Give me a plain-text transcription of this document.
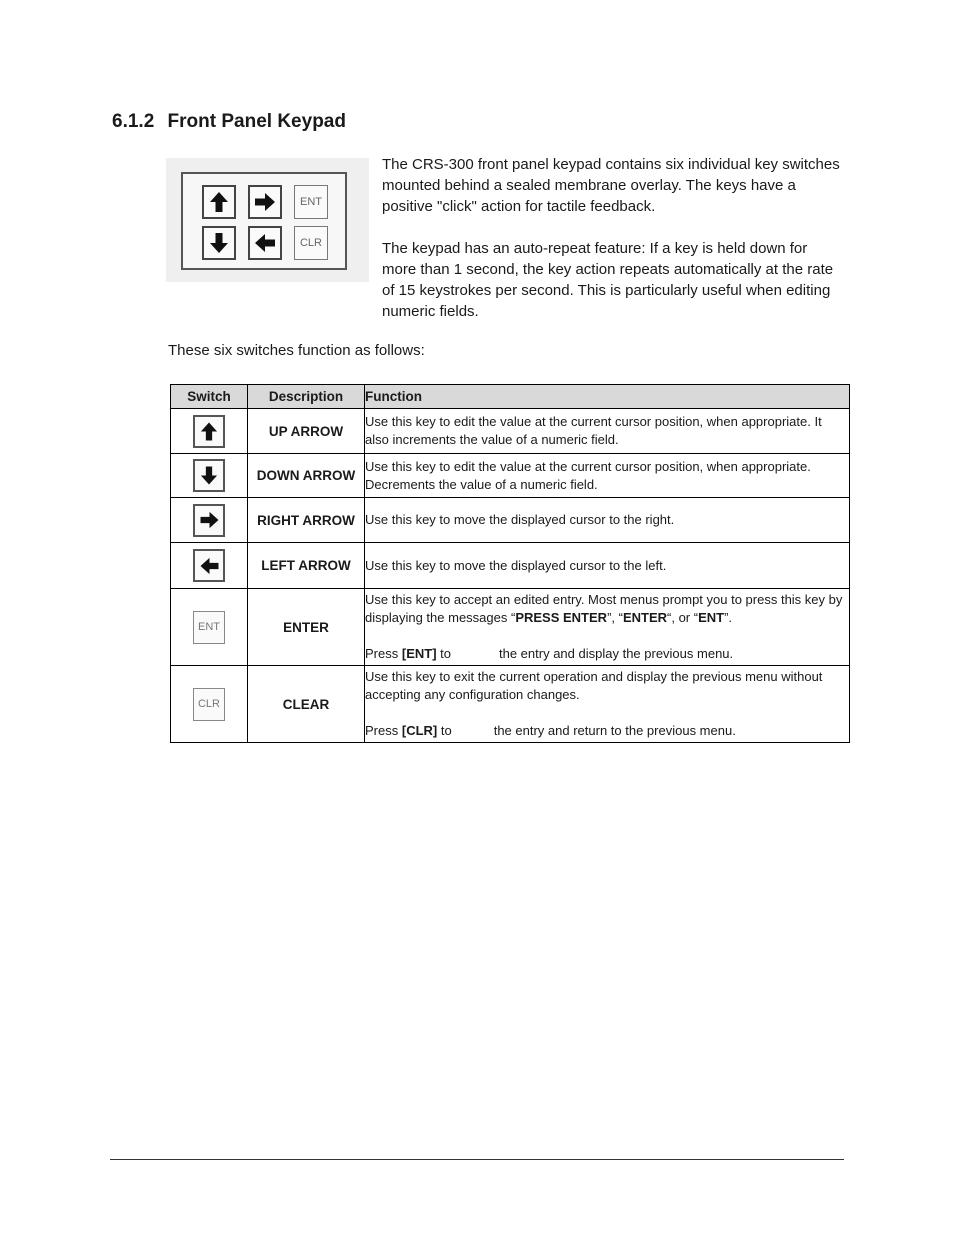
6.1.2 Front Panel Keypad
ENT
CLR
The CRS-300 front panel keypad contains six individual key switches mounted behind a sealed membrane overlay. The keys have a positive "click" action for tactile feedback.
The keypad has an auto-repeat feature: If a key is held down for more than 1 second, the key action repeats automatically at the rate of 15 keystrokes per second. This is particularly useful when editing numeric fields.
These six switches function as follows:
Switch	Description	Function

	UP ARROW	Use this key to edit the value at the current cursor position, when appropriate. It also increments the value of a numeric field.

	DOWN ARROW	Use this key to edit the value at the current cursor position, when appropriate. Decrements the value of a numeric field.

	RIGHT ARROW	Use this key to move the displayed cursor to the right.

	LEFT ARROW	Use this key to move the displayed cursor to the left.

ENT	ENTER	Use this key to accept an edited entry. Most menus prompt you to press this key by displaying the messages “PRESS ENTER”, “ENTER“, or “ENT”.
Press [ENT] to the entry and display the previous menu.

CLR	CLEAR	Use this key to exit the current operation and display the previous menu without accepting any configuration changes.
Press [CLR] to the entry and return to the previous menu.
